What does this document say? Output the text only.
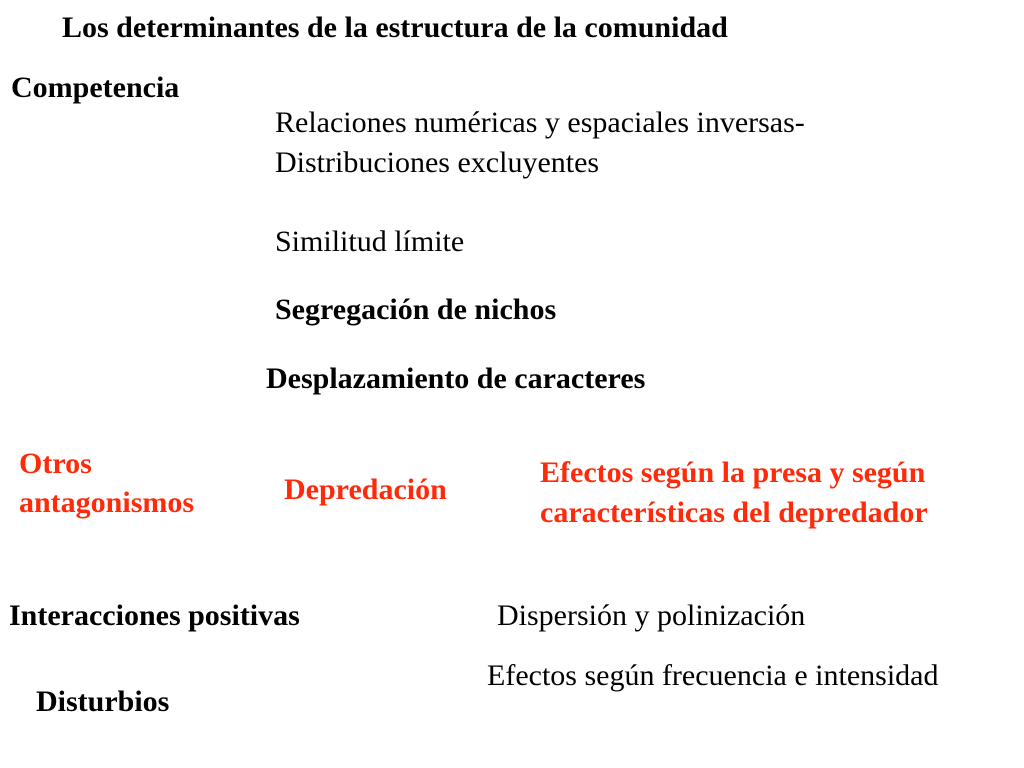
Los determinantes de la estructura de la comunidad
Competencia
Relaciones numéricas y espaciales inversas-
Distribuciones excluyentes
Similitud límite
Segregación de nichos
Desplazamiento de caracteres
Otros
antagonismos	Depredación
Efectos según la presa y según
características del depredador
Interacciones positivas	Dispersión y polinización
Efectos según frecuencia e intensidad
Disturbios
